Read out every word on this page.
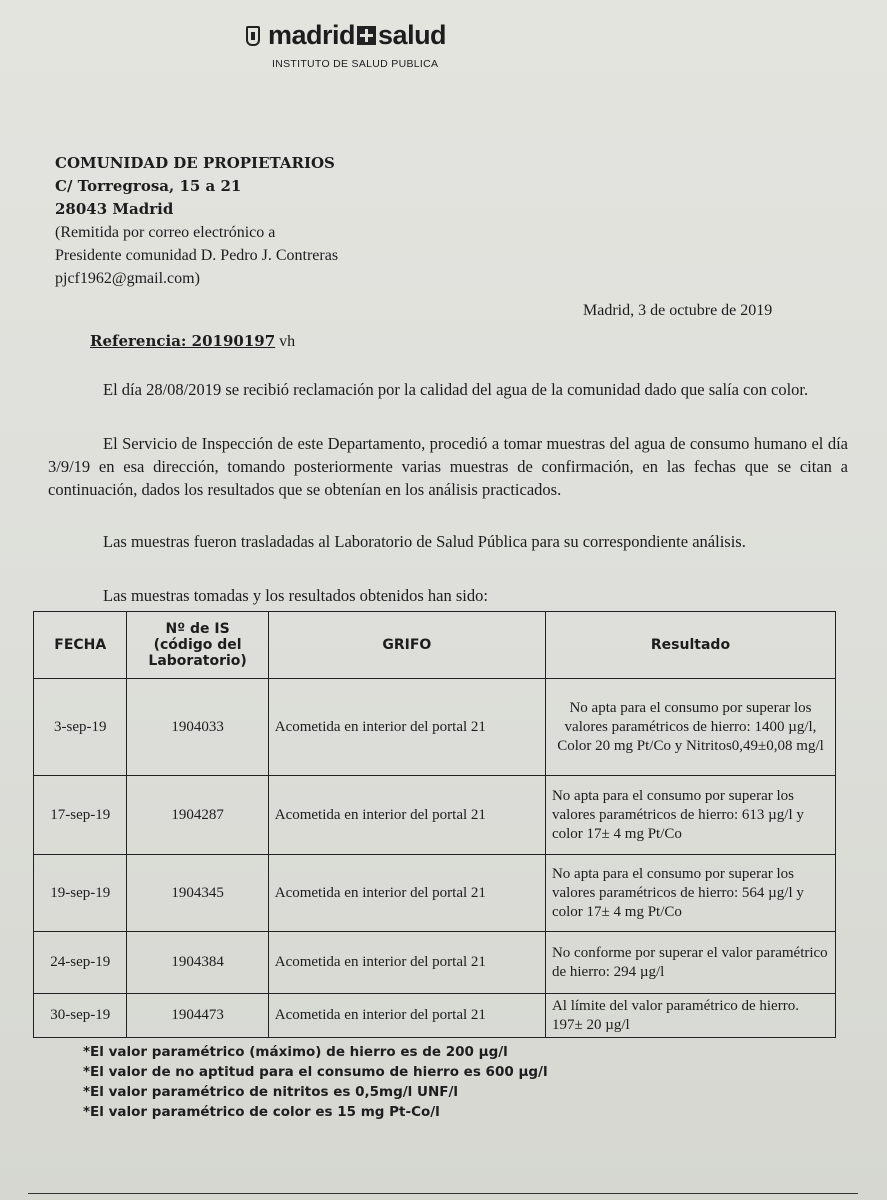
madrid salud
INSTITUTO DE SALUD PUBLICA
COMUNIDAD DE PROPIETARIOS
C/ Torregrosa, 15 a 21
28043 Madrid
(Remitida por correo electrónico a
Presidente comunidad D. Pedro J. Contreras
pjcf1962@gmail.com)
Madrid, 3 de octubre de 2019
Referencia: 20190197 vh

El día 28/08/2019 se recibió reclamación por la calidad del agua de la comunidad dado que salía con color.

El Servicio de Inspección de este Departamento, procedió a tomar muestras del agua de consumo humano el día 3/9/19 en esa dirección, tomando posteriormente varias muestras de confirmación, en las fechas que se citan a continuación, dados los resultados que se obtenían en los análisis practicados.

Las muestras fueron trasladadas al Laboratorio de Salud Pública para su correspondiente análisis.

Las muestras tomadas y los resultados obtenidos han sido:

FECHA	Nº de IS
(código del
Laboratorio)	GRIFO	Resultado
3-sep-19	1904033	Acometida en interior del portal 21	No apta para el consumo por superar los valores paramétricos de hierro: 1400 µg/l, Color 20 mg Pt/Co y Nitritos0,49±0,08 mg/l
17-sep-19	1904287	Acometida en interior del portal 21	No apta para el consumo por superar los valores paramétricos de hierro: 613 µg/l y color 17± 4 mg Pt/Co
19-sep-19	1904345	Acometida en interior del portal 21	No apta para el consumo por superar los valores paramétricos de hierro: 564 µg/l y color 17± 4 mg Pt/Co
24-sep-19	1904384	Acometida en interior del portal 21	No conforme por superar el valor paramétrico de hierro: 294 µg/l
30-sep-19	1904473	Acometida en interior del portal 21	Al límite del valor paramétrico de hierro. 197± 20 µg/l
*El valor paramétrico (máximo) de hierro es de 200 µg/l
*El valor de no aptitud para el consumo de hierro es 600 µg/l
*El valor paramétrico de nitritos es 0,5mg/l UNF/l
*El valor paramétrico de color es 15 mg Pt-Co/l
